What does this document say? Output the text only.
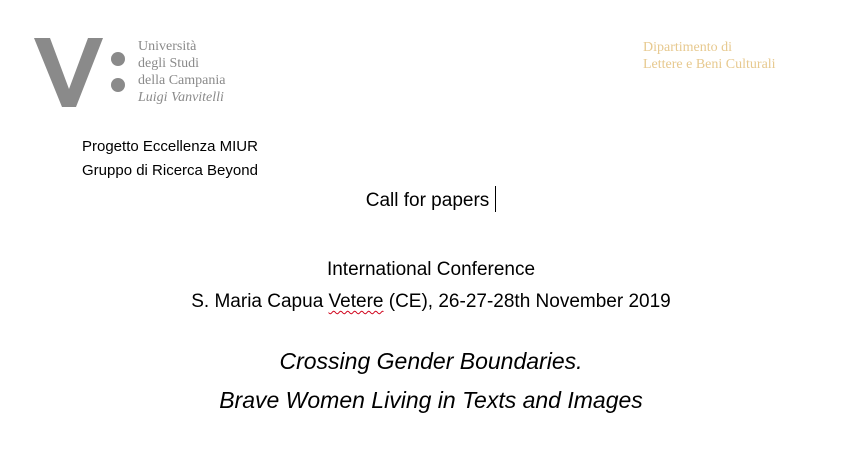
Università
degli Studi
della Campania
Luigi Vanvitelli
Dipartimento di
Lettere e Beni Culturali
Progetto Eccellenza MIUR
Gruppo di Ricerca Beyond
Call for papers
International Conference
S. Maria Capua Vetere (CE), 26-27-28th November 2019
Crossing Gender Boundaries.
Brave Women Living in Texts and Images
